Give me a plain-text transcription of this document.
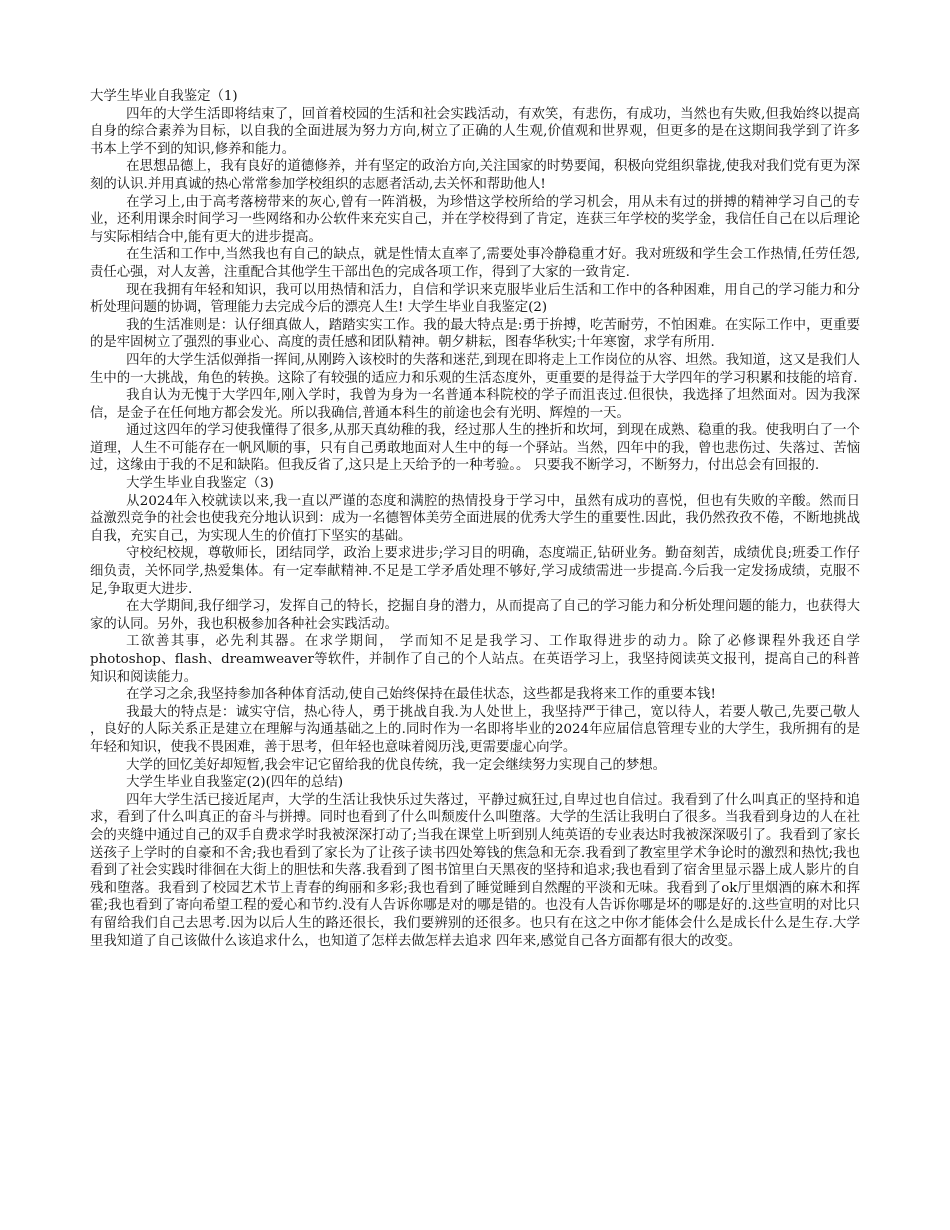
大学生毕业自我鉴定（1)

四年的大学生活即将结束了，回首着校园的生活和社会实践活动，有欢笑，有悲伤，有成功，当然也有失败,但我始终以提高自身的综合素养为目标，以自我的全面进展为努力方向,树立了正确的人生观,价值观和世界观，但更多的是在这期间我学到了许多书本上学不到的知识,修养和能力。

在思想品德上，我有良好的道德修养，并有坚定的政治方向,关注国家的时势要闻，积极向党组织靠拢,使我对我们党有更为深刻的认识.并用真诚的热心常常参加学校组织的志愿者活动,去关怀和帮助他人!

在学习上,由于高考落榜带来的灰心,曾有一阵消极，为珍惜这学校所给的学习机会，用从未有过的拼搏的精神学习自己的专业，还利用课余时间学习一些网络和办公软件来充实自己，并在学校得到了肯定，连获三年学校的奖学金，我信任自己在以后理论与实际相结合中,能有更大的进步提高。

在生活和工作中,当然我也有自己的缺点，就是性情太直率了,需要处事冷静稳重才好。我对班级和学生会工作热情,任劳任怨,责任心强，对人友善，注重配合其他学生干部出色的完成各项工作，得到了大家的一致肯定.

现在我拥有年轻和知识，我可以用热情和活力，自信和学识来克服毕业后生活和工作中的各种困难，用自己的学习能力和分析处理问题的协调，管理能力去完成今后的漂亮人生! 大学生毕业自我鉴定(2)

我的生活准则是：认仔细真做人，踏踏实实工作。我的最大特点是:勇于拚搏，吃苦耐劳，不怕困难。在实际工作中，更重要的是牢固树立了强烈的事业心、高度的责任感和团队精神。朝夕耕耘，图春华秋实;十年寒窗，求学有所用.

四年的大学生活似弹指一挥间,从刚跨入该校时的失落和迷茫,到现在即将走上工作岗位的从容、坦然。我知道，这又是我们人生中的一大挑战，角色的转换。这除了有较强的适应力和乐观的生活态度外，更重要的是得益于大学四年的学习积累和技能的培育.

我自认为无愧于大学四年,刚入学时，我曾为身为一名普通本科院校的学子而沮丧过.但很快，我选择了坦然面对。因为我深信，是金子在任何地方都会发光。所以我确信,普通本科生的前途也会有光明、辉煌的一天。

通过这四年的学习使我懂得了很多,从那天真幼稚的我，经过那人生的挫折和坎坷，到现在成熟、稳重的我。使我明白了一个道理，人生不可能存在一帆风顺的事，只有自己勇敢地面对人生中的每一个驿站。当然，四年中的我，曾也悲伤过、失落过、苦恼过，这缘由于我的不足和缺陷。但我反省了,这只是上天给予的一种考验。。 只要我不断学习，不断努力，付出总会有回报的.

大学生毕业自我鉴定（3)

从2024年入校就读以来,我一直以严谨的态度和满腔的热情投身于学习中，虽然有成功的喜悦，但也有失败的辛酸。然而日益激烈竞争的社会也使我充分地认识到：成为一名德智体美劳全面进展的优秀大学生的重要性.因此，我仍然孜孜不倦，不断地挑战自我，充实自己，为实现人生的价值打下坚实的基础。

守校纪校规，尊敬师长，团结同学，政治上要求进步;学习目的明确，态度端正,钻研业务。勤奋刻苦，成绩优良;班委工作仔细负责，关怀同学,热爱集体。有一定奉献精神.不足是工学矛盾处理不够好,学习成绩需进一步提高.今后我一定发扬成绩，克服不足,争取更大进步.

在大学期间,我仔细学习，发挥自己的特长，挖掘自身的潜力，从而提高了自己的学习能力和分析处理问题的能力，也获得大家的认同。另外，我也积极参加各种社会实践活动。

工欲善其事，必先利其器。在求学期间， 学而知不足是我学习、工作取得进步的动力。除了必修课程外我还自学photoshop、flash、dreamweaver等软件，并制作了自己的个人站点。在英语学习上，我坚持阅读英文报刊，提高自己的科普知识和阅读能力。

在学习之余,我坚持参加各种体育活动,使自己始终保持在最佳状态，这些都是我将来工作的重要本钱!

我最大的特点是：诚实守信，热心待人，勇于挑战自我.为人处世上，我坚持严于律己，宽以待人，若要人敬己,先要己敬人 ，良好的人际关系正是建立在理解与沟通基础之上的.同时作为一名即将毕业的2024年应届信息管理专业的大学生，我所拥有的是年轻和知识，使我不畏困难，善于思考，但年轻也意味着阅历浅,更需要虚心向学。

大学的回忆美好却短暂,我会牢记它留给我的优良传统，我一定会继续努力实现自己的梦想。

大学生毕业自我鉴定(2)(四年的总结)

四年大学生活已接近尾声，大学的生活让我快乐过失落过，平静过疯狂过,自卑过也自信过。我看到了什么叫真正的坚持和追求，看到了什么叫真正的奋斗与拼搏。同时也看到了什么叫颓废什么叫堕落。大学的生活让我明白了很多。当我看到身边的人在社会的夹缝中通过自己的双手自费求学时我被深深打动了;当我在课堂上听到别人纯英语的专业表达时我被深深吸引了。我看到了家长送孩子上学时的自豪和不舍;我也看到了家长为了让孩子读书四处筹钱的焦急和无奈.我看到了教室里学术争论时的激烈和热忱;我也看到了社会实践时徘徊在大街上的胆怯和失落.我看到了图书馆里白天黑夜的坚持和追求;我也看到了宿舍里显示器上成人影片的自残和堕落。我看到了校园艺术节上青春的绚丽和多彩;我也看到了睡觉睡到自然醒的平淡和无味。我看到了ok厅里烟酒的麻木和挥霍;我也看到了寄向希望工程的爱心和节约.没有人告诉你哪是对的哪是错的。也没有人告诉你哪是坏的哪是好的.这些宣明的对比只有留给我们自己去思考.因为以后人生的路还很长，我们要辨别的还很多。也只有在这之中你才能体会什么是成长什么是生存.大学里我知道了自己该做什么该追求什么，也知道了怎样去做怎样去追求 四年来,感觉自己各方面都有很大的改变。
